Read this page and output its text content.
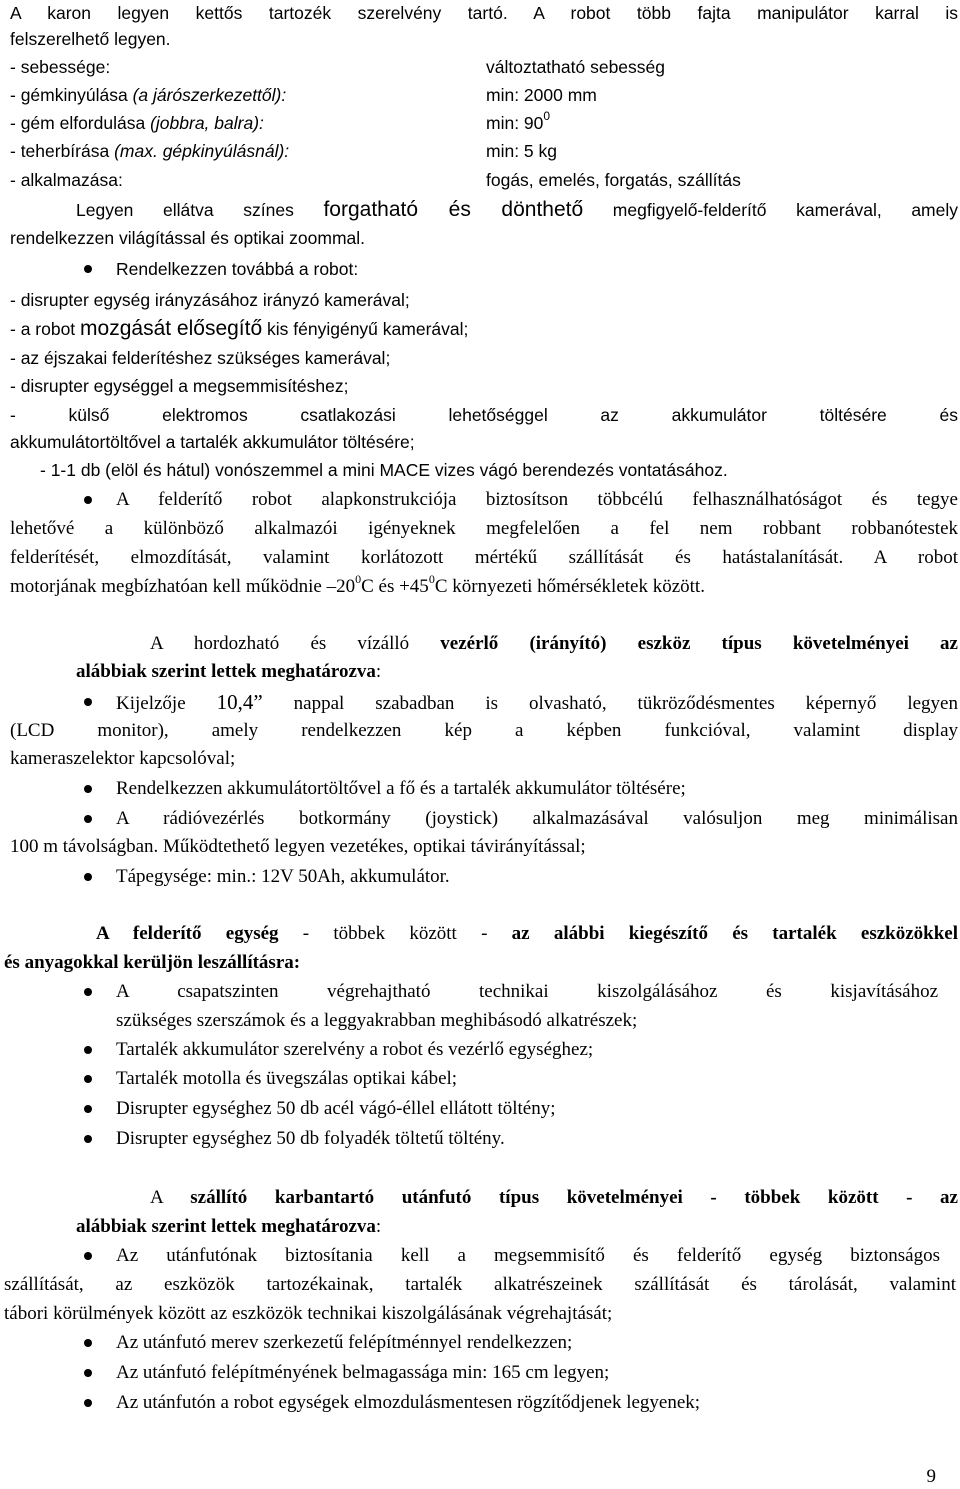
A karon legyen kettős tartozék szerelvény tartó. A robot több fajta manipulátor karral is
felszerelhető legyen.
- sebessége:	változtatható sebesség
- gémkinyúlása (a járószerkezettől):	min: 2000 mm
- gém elfordulása (jobbra, balra):	min: $90^0$
- teherbírása (max. gépkinyúlásnál):	min: 5 kg
- alkalmazása:	fogás, emelés, forgatás, szállítás
Legyen ellátva színes forgatható és dönthető megfigyelő-felderítő kamerával, amely
rendelkezzen világítással és optikai zoommal.
Rendelkezzen továbbá a robot:
- disrupter egység irányzásához irányzó kamerával;
- a robot mozgását elősegítő kis fényigényű kamerával;
- az éjszakai felderítéshez szükséges kamerával;
- disrupter egységgel a megsemmisítéshez;
- külső elektromos csatlakozási lehetőséggel az akkumulátor töltésére és
akkumulátortöltővel a tartalék akkumulátor töltésére;
- 1-1 db (elöl és hátul) vonószemmel a mini MACE vizes vágó berendezés vontatásához.
A felderítő robot alapkonstrukciója biztosítson többcélú felhasználhatóságot és tegye
lehetővé a különböző alkalmazói igényeknek megfelelően a fel nem robbant robbanótestek
felderítését, elmozdítását, valamint korlátozott mértékű szállítását és hatástalanítását. A robot
motorjának megbízhatóan kell működnie $-20^0C$ és $+45^0C$ környezeti hőmérsékletek között.
A hordozható és vízálló vezérlő (irányító) eszköz típus követelményei az
alábbiak szerint lettek meghatározva:
Kijelzője 10,4” nappal szabadban is olvasható, tükröződésmentes képernyő legyen
(LCD monitor), amely rendelkezzen kép a képben funkcióval, valamint display
kameraszelektor kapcsolóval;
Rendelkezzen akkumulátortöltővel a fő és a tartalék akkumulátor töltésére;
A rádióvezérlés botkormány (joystick) alkalmazásával valósuljon meg minimálisan
100 m távolságban. Működtethető legyen vezetékes, optikai távirányítással;
Tápegysége: min.: 12V 50Ah, akkumulátor.
A felderítő egység - többek között - az alábbi kiegészítő és tartalék eszközökkel
és anyagokkal kerüljön leszállításra:
A csapatszinten végrehajtható technikai kiszolgálásához és kisjavításához
szükséges szerszámok és a leggyakrabban meghibásodó alkatrészek;
Tartalék akkumulátor szerelvény a robot és vezérlő egységhez;
Tartalék motolla és üvegszálas optikai kábel;
Disrupter egységhez 50 db acél vágó-éllel ellátott töltény;
Disrupter egységhez 50 db folyadék töltetű töltény.
A szállító karbantartó utánfutó típus követelményei - többek között - az
alábbiak szerint lettek meghatározva:
Az utánfutónak biztosítania kell a megsemmisítő és felderítő egység biztonságos
szállítását, az eszközök tartozékainak, tartalék alkatrészeinek szállítását és tárolását, valamint
tábori körülmények között az eszközök technikai kiszolgálásának végrehajtását;
Az utánfutó merev szerkezetű felépítménnyel rendelkezzen;
Az utánfutó felépítményének belmagassága min: 165 cm legyen;
Az utánfutón a robot egységek elmozdulásmentesen rögzítődjenek legyenek;
9
